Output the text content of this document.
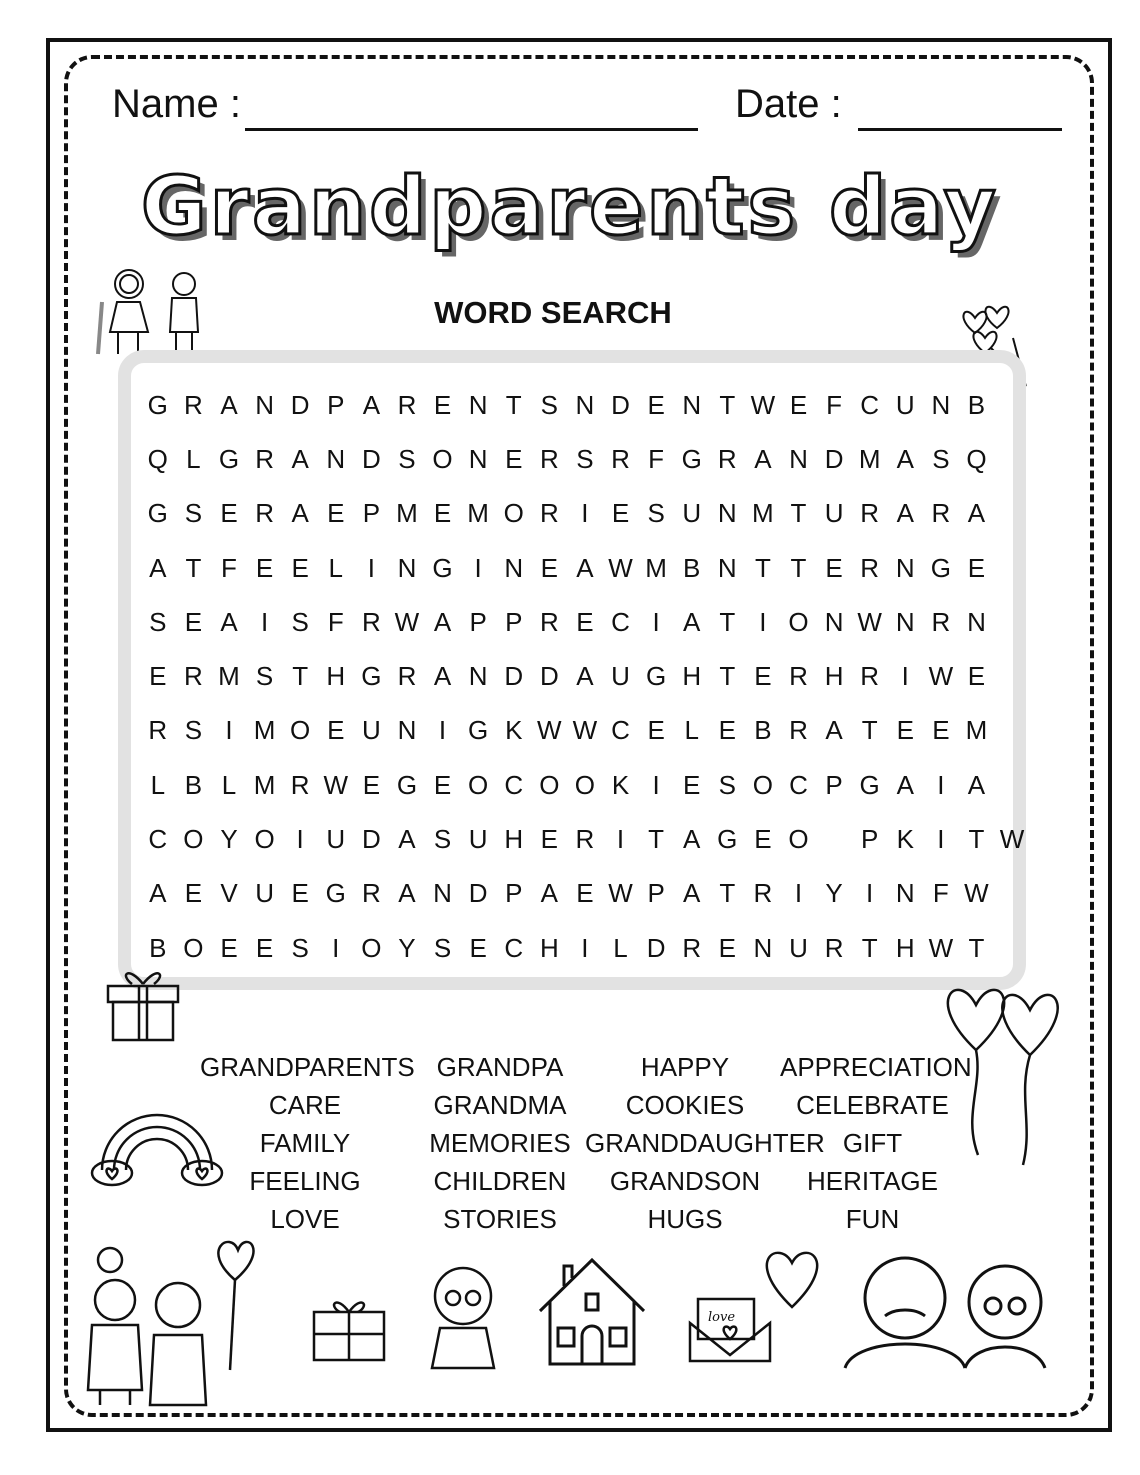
Name :	Date :
Grandparents day
WORD SEARCH
G R A N D P A R E N T S N D E N T W E F C U N B
Q L G R A N D S O N E R S R F G R A N D M A S Q
G S E R A E P M E M O R I E S U N M T U R A R A
A T F E E L I N G I N E A W M B N T T E R N G E
S E A I S F R W A P P R E C I A T I O N W N R N
E R M S T H G R A N D D A U G H T E R H R I W E
R S I M O E U N I G K W W C E L E B R A T E E M
L B L M R W E G E O C O O K I E S O C P G A I A
C O Y O I U D A S U H E R I T A G E O	P K I T W
A E V U E G R A N D P A E W P A T R I Y I N F W
B O E E S I O Y S E C H I L D R E N U R T H W T
GRANDPARENTS
CARE
FAMILY
FEELING
LOVE
GRANDPA
GRANDMA
MEMORIES
CHILDREN
STORIES
HAPPY
COOKIES
GRANDDAUGHTER
GRANDSON
HUGS
APPRECIATION
CELEBRATE
GIFT
HERITAGE
FUN
love
